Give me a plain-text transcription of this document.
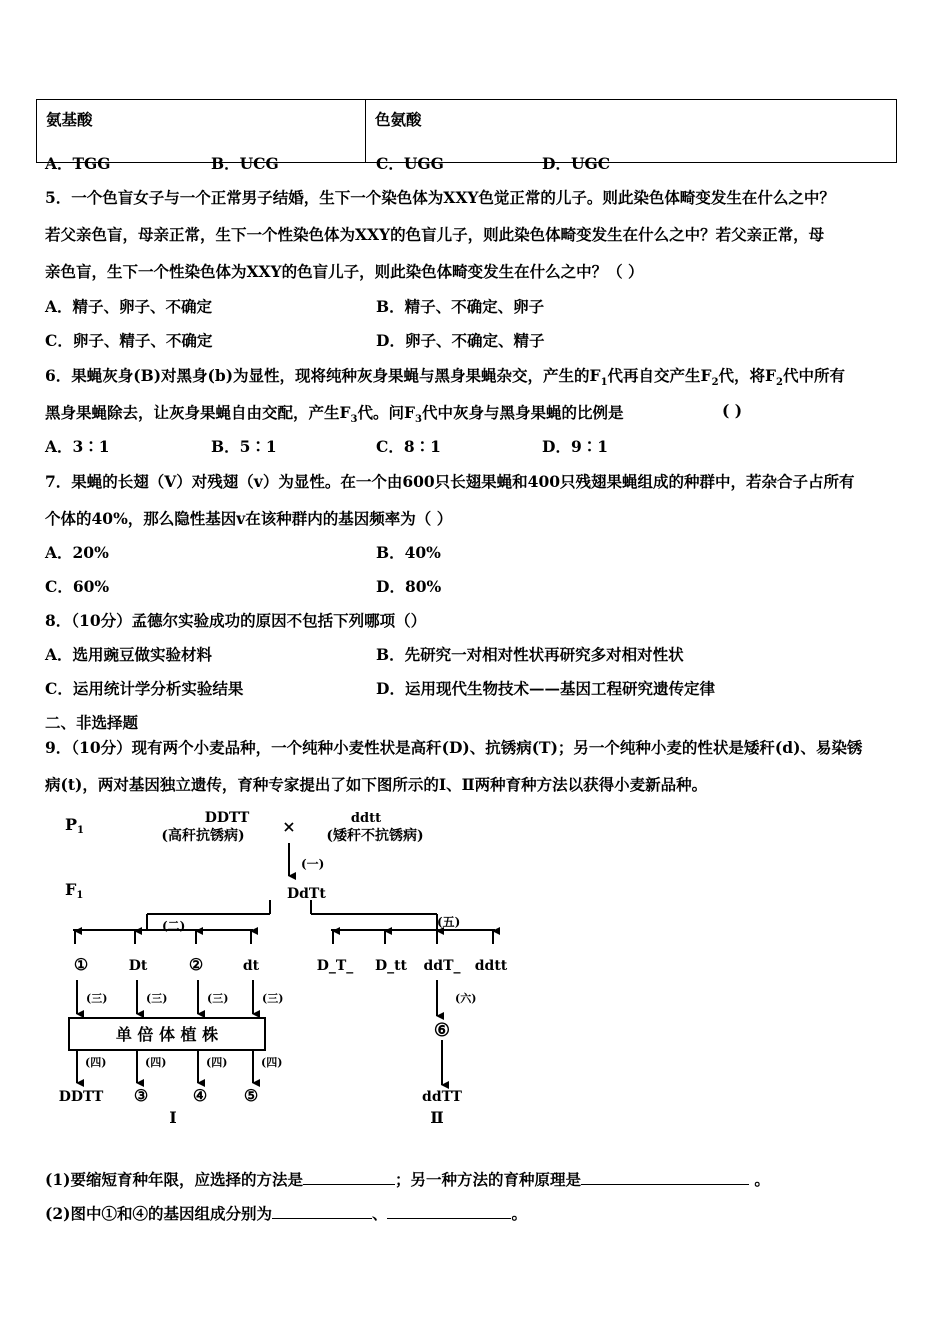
氨基酸	色氨酸
A．TGG	B．UCG	C．UGG	D．UGC
5．一个色盲女子与一个正常男子结婚，生下一个染色体为XXY色觉正常的儿子。则此染色体畸变发生在什么之中？
若父亲色盲，母亲正常，生下一个性染色体为XXY的色盲儿子，则此染色体畸变发生在什么之中？若父亲正常，母
亲色盲，生下一个性染色体为XXY的色盲儿子，则此染色体畸变发生在什么之中？（ ）
A．精子、卵子、不确定	B．精子、不确定、卵子
C．卵子、精子、不确定	D．卵子、不确定、精子
6．果蝇灰身(B)对黑身(b)为显性，现将纯种灰身果蝇与黑身果蝇杂交，产生的$F_1$代再自交产生$F_2$代，将$F_2$代中所有
黑身果蝇除去，让灰身果蝇自由交配，产生$F_3$代。问$F_3$代中灰身与黑身果蝇的比例是	( )
A．3∶1	B．5∶1	C．8∶1	D．9∶1
7．果蝇的长翅（V）对残翅（v）为显性。在一个由600只长翅果蝇和400只残翅果蝇组成的种群中，若杂合子占所有
个体的40%，那么隐性基因v在该种群内的基因频率为（ ）
A．20%	B．40%
C．60%	D．80%
8．（10分）孟德尔实验成功的原因不包括下列哪项（）
A．选用豌豆做实验材料	B．先研究一对相对性状再研究多对相对性状
C．运用统计学分析实验结果	D．运用现代生物技术——基因工程研究遗传定律
二、非选择题
9．（10分）现有两个小麦品种，一个纯种小麦性状是高秆(D)、抗锈病(T)；另一个纯种小麦的性状是矮秆(d)、易染锈
病(t)，两对基因独立遗传，育种专家提出了如下图所示的Ⅰ、Ⅱ两种育种方法以获得小麦新品种。
P1
F1
DDTT
(高秆抗锈病) ×	ddtt
(矮秆不抗锈病)
(一)
DdTt
(二)	(五)
①	Dt	②	dt	D_T_ D_tt ddT_ ddtt
(三)	(三)	(三)	(三)
单 倍 体 植 株
(四)	(四)	(四)	(四)
(六)
⑥
DDTT ③	④ ⑤	ddTT
Ⅰ	Ⅱ
(1)要缩短育种年限，应选择的方法是	；另一种方法的育种原理是	。
(2)图中①和④的基因组成分别为	、	。
